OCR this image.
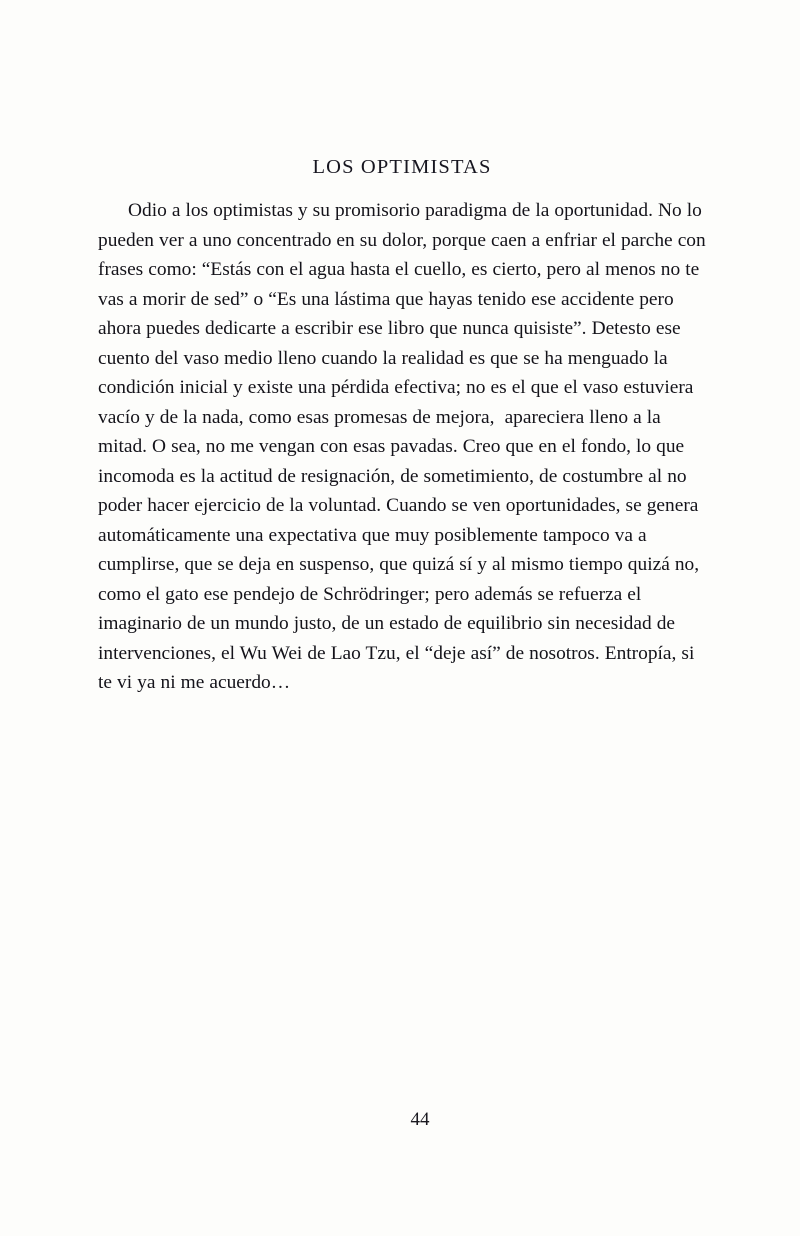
LOS OPTIMISTAS

Odio a los optimistas y su promisorio paradigma de la oportunidad. No lo pueden ver a uno concentrado en su dolor, porque caen a enfriar el parche con frases como: “Estás con el agua hasta el cuello, es cierto, pero al menos no te vas a morir de sed” o “Es una lástima que hayas tenido ese accidente pero ahora puedes dedicarte a escribir ese libro que nunca quisiste”. Detesto ese cuento del vaso medio lleno cuando la realidad es que se ha menguado la condición inicial y existe una pérdida efectiva; no es el que el vaso estuviera vacío y de la nada, como esas promesas de mejora,  apareciera lleno a la mitad. O sea, no me vengan con esas pavadas. Creo que en el fondo, lo que incomoda es la actitud de resignación, de sometimiento, de costumbre al no  poder hacer ejercicio de la voluntad. Cuando se ven oportunidades, se genera automáticamente una expectativa que muy posiblemente tampoco va a cumplirse, que se deja en suspenso, que quizá sí y al mismo tiempo quizá no, como el gato ese pendejo de Schrödringer; pero además se refuerza el imaginario de un mundo justo, de un estado de equilibrio sin necesidad de intervenciones, el Wu Wei de Lao Tzu, el “deje así” de nosotros. Entropía, si te vi ya ni me acuerdo…

44
